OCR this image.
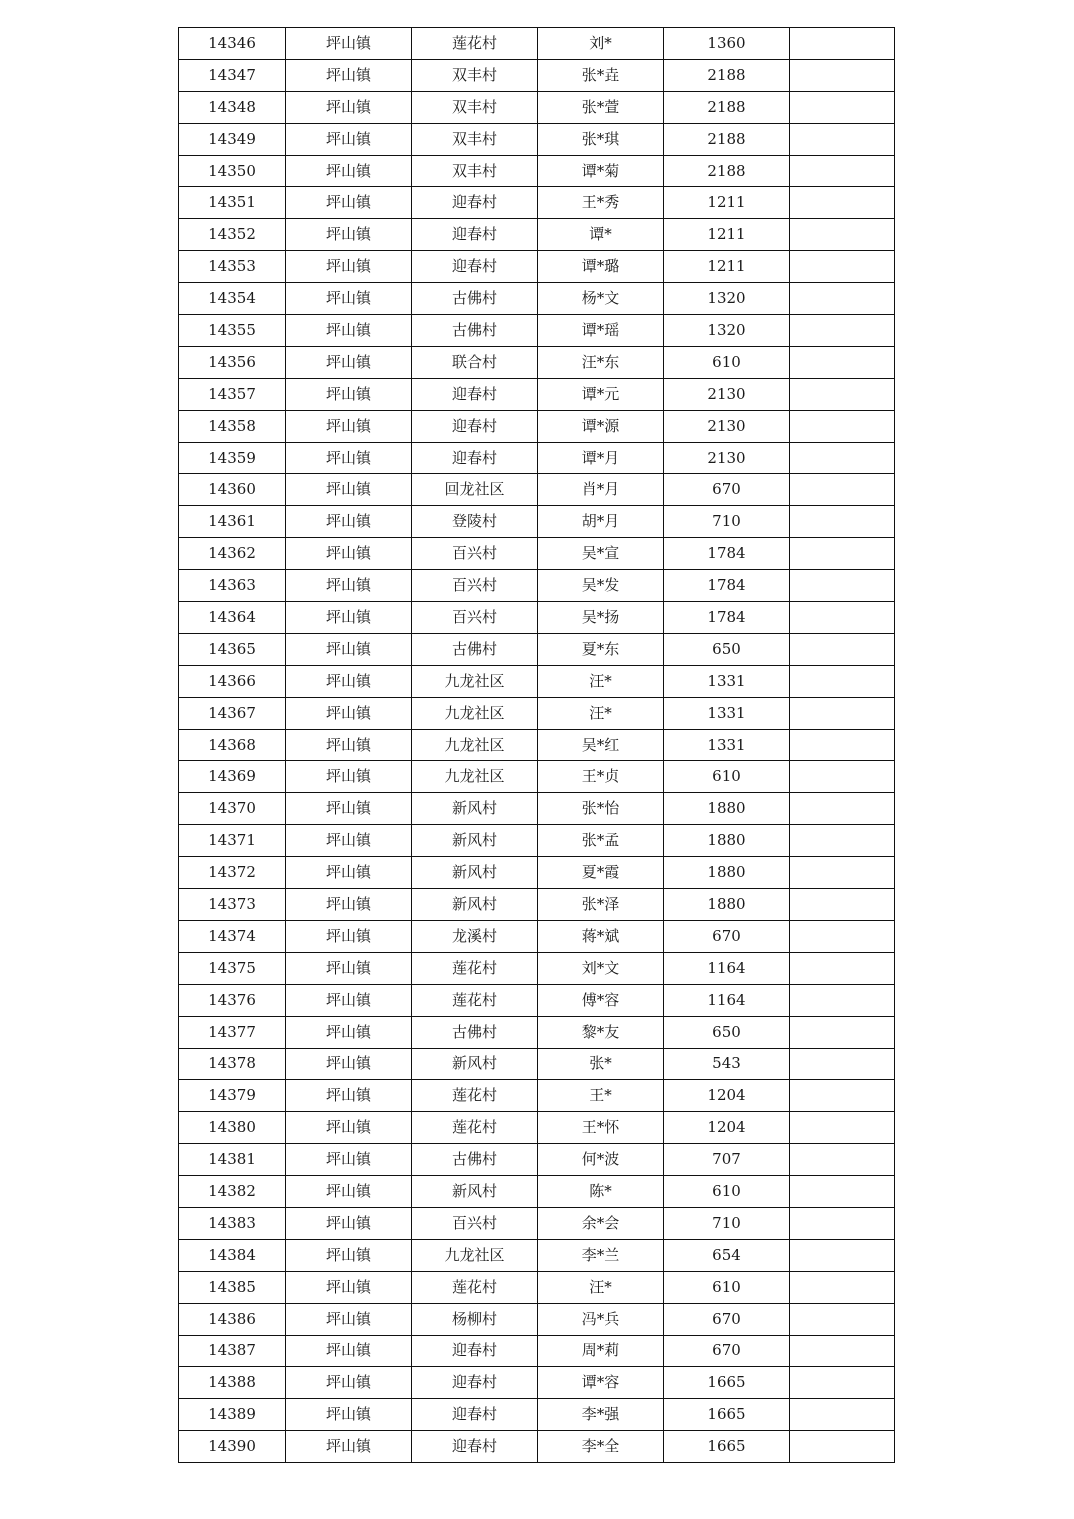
14346	坪山镇	莲花村	刘*	1360	
14347	坪山镇	双丰村	张*垚	2188	
14348	坪山镇	双丰村	张*萱	2188	
14349	坪山镇	双丰村	张*琪	2188	
14350	坪山镇	双丰村	谭*菊	2188	
14351	坪山镇	迎春村	王*秀	1211	
14352	坪山镇	迎春村	谭*	1211	
14353	坪山镇	迎春村	谭*璐	1211	
14354	坪山镇	古佛村	杨*文	1320	
14355	坪山镇	古佛村	谭*瑶	1320	
14356	坪山镇	联合村	汪*东	610	
14357	坪山镇	迎春村	谭*元	2130	
14358	坪山镇	迎春村	谭*源	2130	
14359	坪山镇	迎春村	谭*月	2130	
14360	坪山镇	回龙社区	肖*月	670	
14361	坪山镇	登陵村	胡*月	710	
14362	坪山镇	百兴村	吴*宣	1784	
14363	坪山镇	百兴村	吴*发	1784	
14364	坪山镇	百兴村	吴*扬	1784	
14365	坪山镇	古佛村	夏*东	650	
14366	坪山镇	九龙社区	汪*	1331	
14367	坪山镇	九龙社区	汪*	1331	
14368	坪山镇	九龙社区	吴*红	1331	
14369	坪山镇	九龙社区	王*贞	610	
14370	坪山镇	新风村	张*怡	1880	
14371	坪山镇	新风村	张*孟	1880	
14372	坪山镇	新风村	夏*霞	1880	
14373	坪山镇	新风村	张*泽	1880	
14374	坪山镇	龙溪村	蒋*斌	670	
14375	坪山镇	莲花村	刘*文	1164	
14376	坪山镇	莲花村	傅*容	1164	
14377	坪山镇	古佛村	黎*友	650	
14378	坪山镇	新风村	张*	543	
14379	坪山镇	莲花村	王*	1204	
14380	坪山镇	莲花村	王*怀	1204	
14381	坪山镇	古佛村	何*波	707	
14382	坪山镇	新风村	陈*	610	
14383	坪山镇	百兴村	余*会	710	
14384	坪山镇	九龙社区	李*兰	654	
14385	坪山镇	莲花村	汪*	610	
14386	坪山镇	杨柳村	冯*兵	670	
14387	坪山镇	迎春村	周*莉	670	
14388	坪山镇	迎春村	谭*容	1665	
14389	坪山镇	迎春村	李*强	1665	
14390	坪山镇	迎春村	李*全	1665	
